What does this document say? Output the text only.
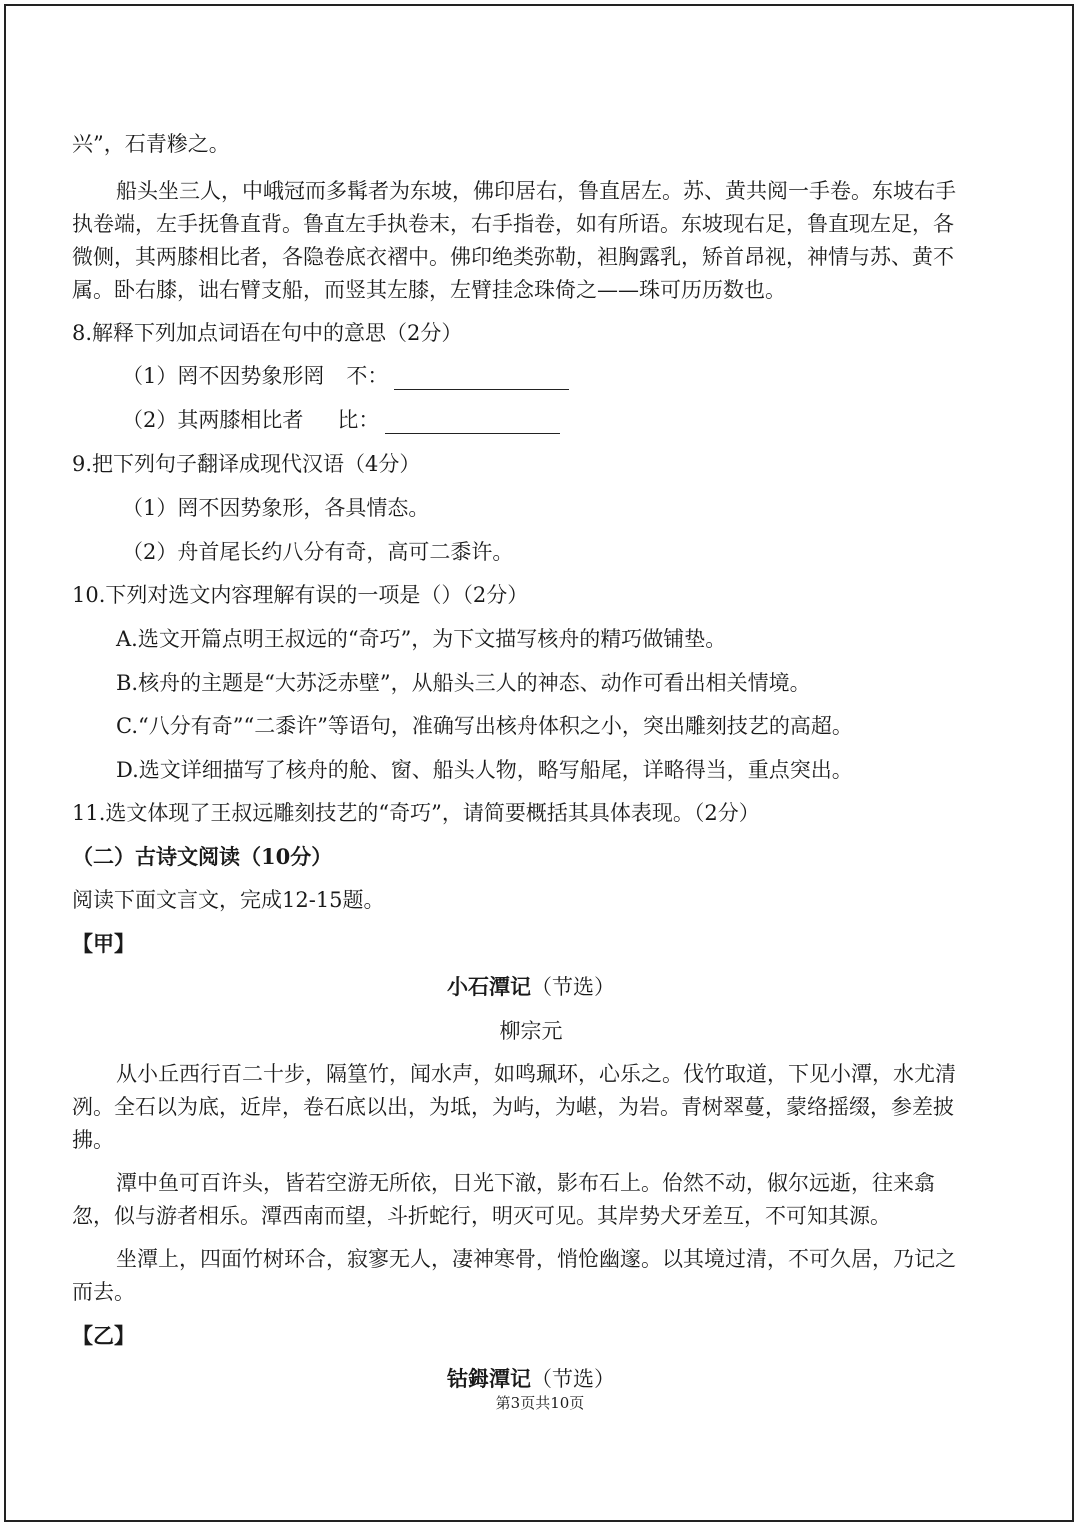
兴”，石青糁之。
船头坐三人，中峨冠而多髯者为东坡，佛印居右，鲁直居左。苏、黄共阅一手卷。东坡右手
执卷端，左手抚鲁直背。鲁直左手执卷末，右手指卷，如有所语。东坡现右足，鲁直现左足，各
微侧，其两膝相比者，各隐卷底衣褶中。佛印绝类弥勒，袒胸露乳，矫首昂视，神情与苏、黄不
属。卧右膝，诎右臂支船，而竖其左膝，左臂挂念珠倚之——珠可历历数也。
8.解释下列加点词语在句中的意思（2分）
（1）罔不因势象形罔 不：
（2）其两膝相比者 比：
9.把下列句子翻译成现代汉语（4分）
（1）罔不因势象形，各具情态。
（2）舟首尾长约八分有奇，高可二黍许。
10.下列对选文内容理解有误的一项是（）（2分）
A.选文开篇点明王叔远的“奇巧”，为下文描写核舟的精巧做铺垫。
B.核舟的主题是“大苏泛赤壁”，从船头三人的神态、动作可看出相关情境。
C.“八分有奇”“二黍许”等语句，准确写出核舟体积之小，突出雕刻技艺的高超。
D.选文详细描写了核舟的舱、窗、船头人物，略写船尾，详略得当，重点突出。
11.选文体现了王叔远雕刻技艺的“奇巧”，请简要概括其具体表现。（2分）
（二）古诗文阅读（10分）
阅读下面文言文，完成12-15题。
【甲】
小石潭记（节选）
柳宗元
从小丘西行百二十步，隔篁竹，闻水声，如鸣珮环，心乐之。伐竹取道，下见小潭，水尤清
冽。全石以为底，近岸，卷石底以出，为坻，为屿，为嵁，为岩。青树翠蔓，蒙络摇缀，参差披
拂。
潭中鱼可百许头，皆若空游无所依，日光下澈，影布石上。佁然不动，俶尔远逝，往来翕
忽，似与游者相乐。潭西南而望，斗折蛇行，明灭可见。其岸势犬牙差互，不可知其源。
坐潭上，四面竹树环合，寂寥无人，凄神寒骨，悄怆幽邃。以其境过清，不可久居，乃记之
而去。
【乙】
钴鉧潭记（节选）
第3页共10页
